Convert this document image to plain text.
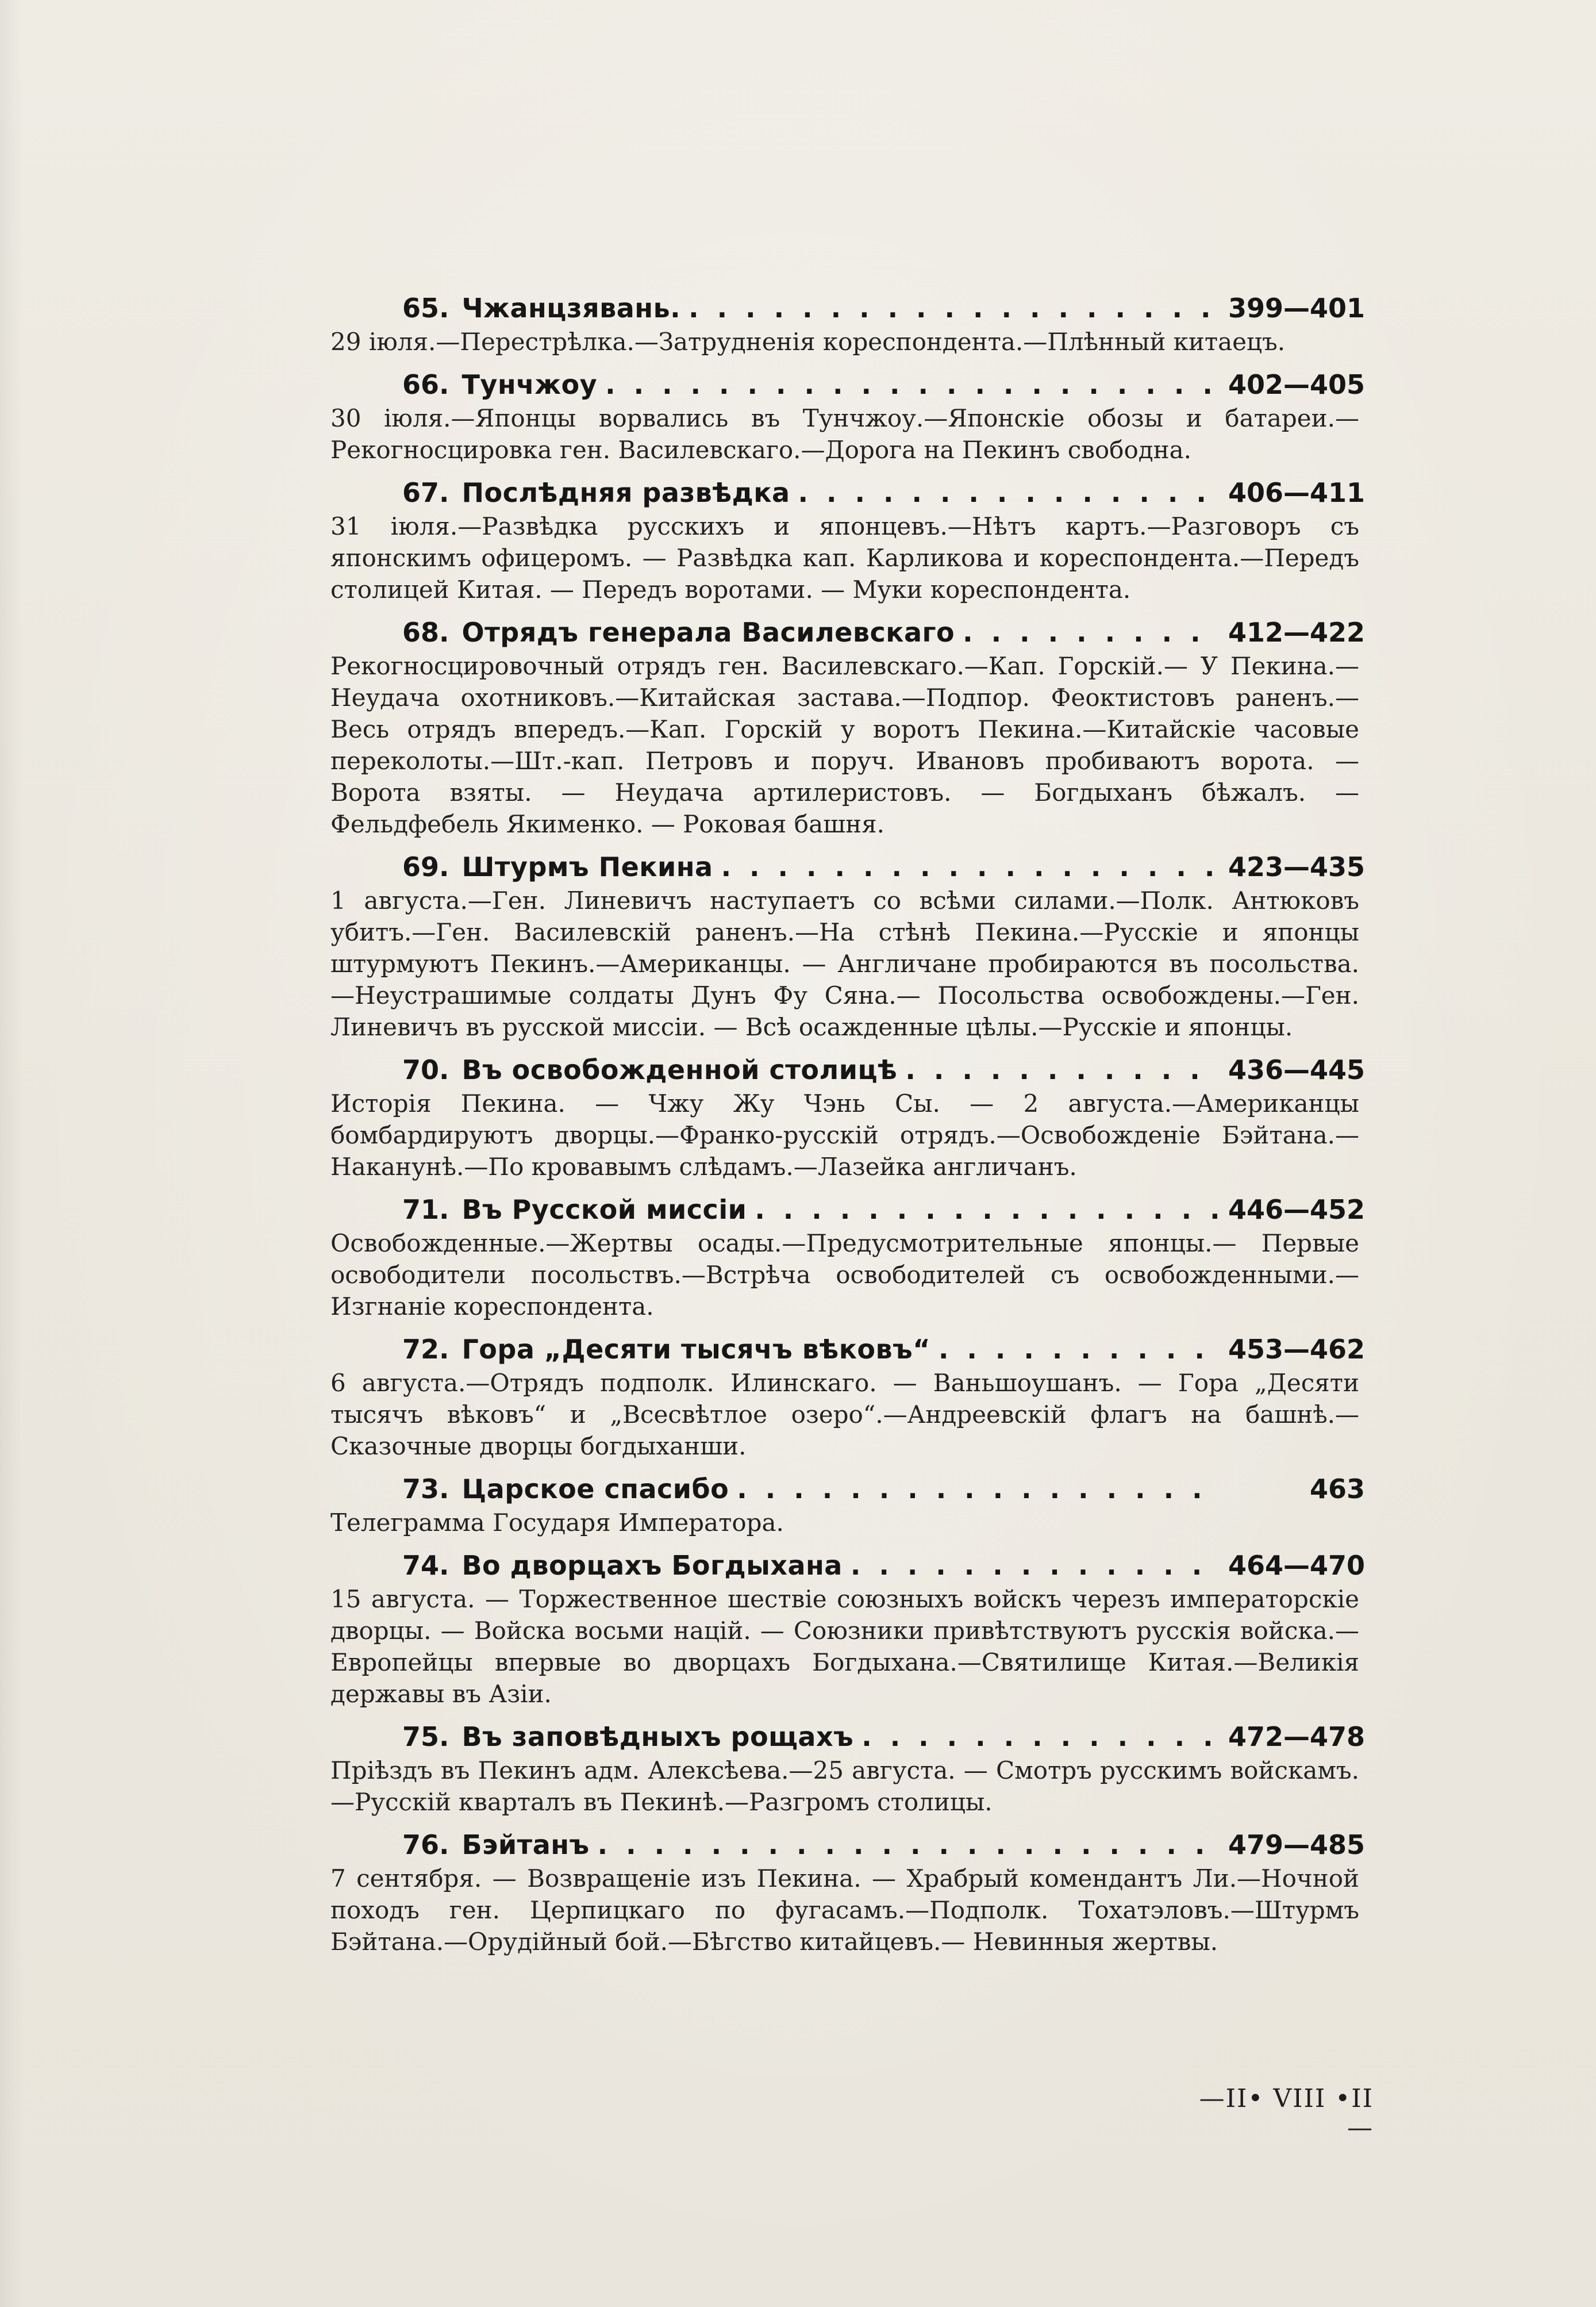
65. Чжанцзявань. . . .	399—401
29 іюля.—Перестрѣлка.—Затрудненія кореспондента.—Плѣнный китаецъ.
66. Тунчжоу . . .	402—405
30 іюля.—Японцы ворвались въ Тунчжоу.—Японскіе обозы и батареи.—Рекогносцировка ген. Василевскаго.—Дорога на Пекинъ свободна.
67. Послѣдняя развѣдка . . .	406—411
31 іюля.—Развѣдка русскихъ и японцевъ.—Нѣтъ картъ.—Разговоръ съ японскимъ офицеромъ. — Развѣдка кап. Карликова и кореспондента.—Передъ столицей Китая. — Передъ воротами. — Муки кореспондента.
68. Отрядъ генерала Василевскаго . . .	412—422
Рекогносцировочный отрядъ ген. Василевскаго.—Кап. Горскій.— У Пекина.—Неудача охотниковъ.—Китайская застава.—Подпор. Феоктистовъ раненъ.—Весь отрядъ впередъ.—Кап. Горскій у воротъ Пекина.—Китайскіе часовые переколоты.—Шт.-кап. Петровъ и поруч. Ивановъ пробиваютъ ворота. — Ворота взяты. — Неудача артилеристовъ. — Богдыханъ бѣжалъ. — Фельдфебель Якименко. — Роковая башня.
69. Штурмъ Пекина . . .	423—435
1 августа.—Ген. Линевичъ наступаетъ со всѣми силами.—Полк. Антюковъ убитъ.—Ген. Василевскій раненъ.—На стѣнѣ Пекина.—Русскіе и японцы штурмуютъ Пекинъ.—Американцы. — Англичане пробираются въ посольства.—Неустрашимые солдаты Дунъ Фу Сяна.— Посольства освобождены.—Ген. Линевичъ въ русской миссіи. — Всѣ осажденные цѣлы.—Русскіе и японцы.
70. Въ освобожденной столицѣ . . .	436—445
Исторія Пекина. — Чжу Жу Чэнь Сы. — 2 августа.—Американцы бомбардируютъ дворцы.—Франко-русскій отрядъ.—Освобожденіе Бэйтана.—Наканунѣ.—По кровавымъ слѣдамъ.—Лазейка англичанъ.
71. Въ Русской миссіи . . .	446—452
Освобожденные.—Жертвы осады.—Предусмотрительные японцы.— Первые освободители посольствъ.—Встрѣча освободителей съ освобожденными.—Изгнаніе кореспондента.
72. Гора „Десяти тысячъ вѣковъ“ . . .	453—462
6 августа.—Отрядъ подполк. Илинскаго. — Ваньшоушанъ. — Гора „Десяти тысячъ вѣковъ“ и „Всесвѣтлое озеро“.—Андреевскій флагъ на башнѣ.—Сказочные дворцы богдыханши.
73. Царское спасибо . . .	463
Телеграмма Государя Императора.
74. Во дворцахъ Богдыхана . . .	464—470
15 августа. — Торжественное шествіе союзныхъ войскъ черезъ императорскіе дворцы. — Войска восьми націй. — Союзники привѣтствуютъ русскія войска.—Европейцы впервые во дворцахъ Богдыхана.—Святилище Китая.—Великія державы въ Азіи.
75. Въ заповѣдныхъ рощахъ . . .	472—478
Пріѣздъ въ Пекинъ адм. Алексѣева.—25 августа. — Смотръ русскимъ войскамъ.—Русскій кварталъ въ Пекинѣ.—Разгромъ столицы.
76. Бэйтанъ . . .	479—485
7 сентября. — Возвращеніе изъ Пекина. — Храбрый комендантъ Ли.—Ночной походъ ген. Церпицкаго по фугасамъ.—Подполк. Тохатэловъ.—Штурмъ Бэйтана.—Орудійный бой.—Бѣгство китайцевъ.— Невинныя жертвы.
—II• VIII •II—
